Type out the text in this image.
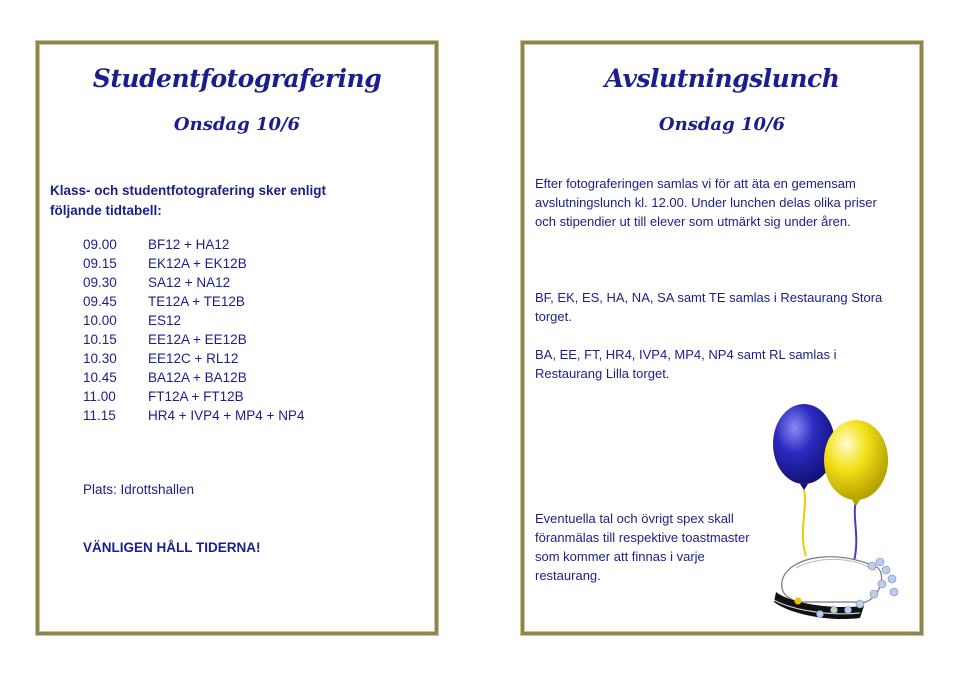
Studentfotografering
Onsdag 10/6
Klass- och studentfotografering sker enligt följande tidtabell:
09.00	BF12 + HA12
09.15	EK12A + EK12B
09.30	SA12 + NA12
09.45	TE12A + TE12B
10.00	ES12
10.15	EE12A + EE12B
10.30	EE12C + RL12
10.45	BA12A + BA12B
11.00	FT12A + FT12B
11.15	HR4 + IVP4 + MP4 + NP4
Plats: Idrottshallen
VÄNLIGEN HÅLL TIDERNA!
Avslutningslunch
Onsdag 10/6
Efter fotograferingen samlas vi för att äta en gemensam avslutningslunch kl. 12.00. Under lunchen delas olika priser och stipendier ut till elever som utmärkt sig under åren.
BF, EK, ES, HA, NA, SA samt TE samlas i Restaurang Stora torget.
BA, EE, FT, HR4, IVP4, MP4, NP4 samt RL samlas i Restaurang Lilla torget.
Eventuella tal och övrigt spex skall föranmälas till respektive toastmaster som kommer att finnas i varje restaurang.
